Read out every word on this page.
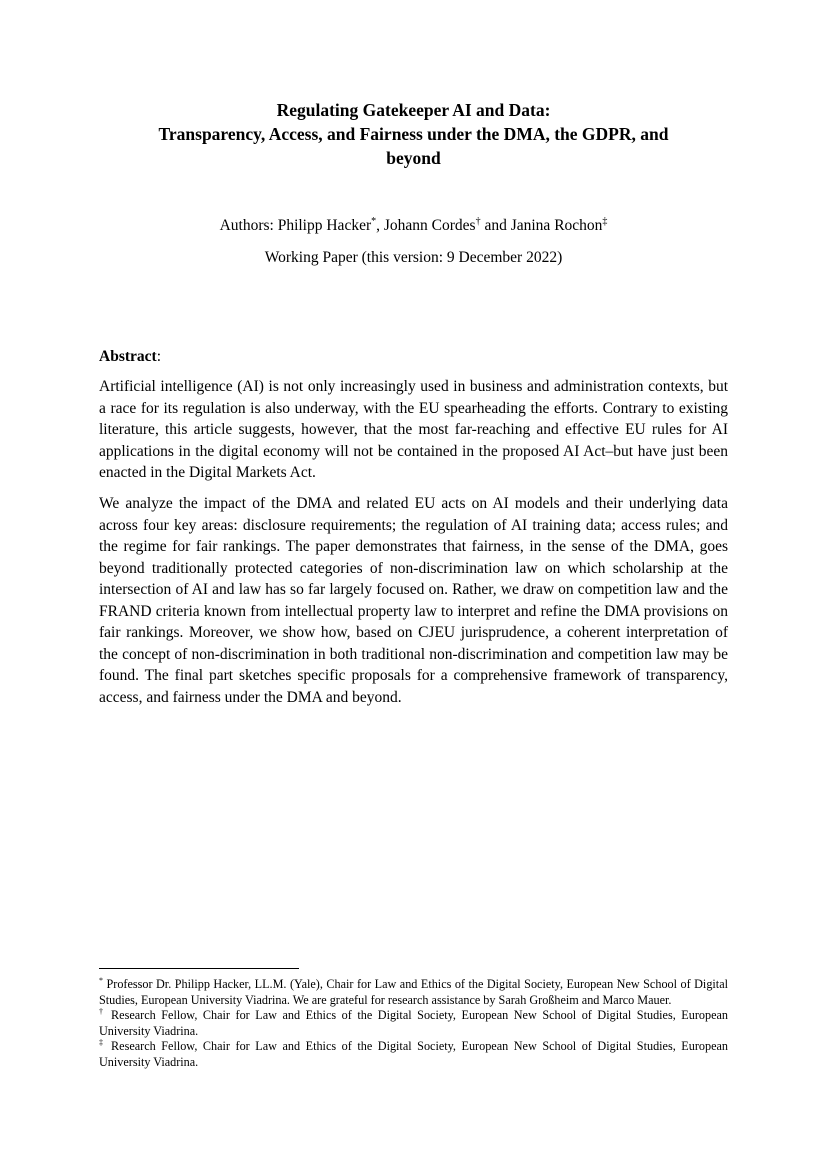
Regulating Gatekeeper AI and Data:
Transparency, Access, and Fairness under the DMA, the GDPR, and
beyond
Authors: Philipp Hacker*, Johann Cordes† and Janina Rochon‡
Working Paper (this version: 9 December 2022)
Abstract:

Artificial intelligence (AI) is not only increasingly used in business and administration contexts, but a race for its regulation is also underway, with the EU spearheading the efforts. Contrary to existing literature, this article suggests, however, that the most far-reaching and effective EU rules for AI applications in the digital economy will not be contained in the proposed AI Act–but have just been enacted in the Digital Markets Act.

We analyze the impact of the DMA and related EU acts on AI models and their underlying data across four key areas: disclosure requirements; the regulation of AI training data; access rules; and the regime for fair rankings. The paper demonstrates that fairness, in the sense of the DMA, goes beyond traditionally protected categories of non-discrimination law on which scholarship at the intersection of AI and law has so far largely focused on. Rather, we draw on competition law and the FRAND criteria known from intellectual property law to interpret and refine the DMA provisions on fair rankings. Moreover, we show how, based on CJEU jurisprudence, a coherent interpretation of the concept of non-discrimination in both traditional non-discrimination and competition law may be found. The final part sketches specific proposals for a comprehensive framework of transparency, access, and fairness under the DMA and beyond.

* Professor Dr. Philipp Hacker, LL.M. (Yale), Chair for Law and Ethics of the Digital Society, European New School of Digital Studies, European University Viadrina. We are grateful for research assistance by Sarah Großheim and Marco Mauer.

† Research Fellow, Chair for Law and Ethics of the Digital Society, European New School of Digital Studies, European University Viadrina.

‡ Research Fellow, Chair for Law and Ethics of the Digital Society, European New School of Digital Studies, European University Viadrina.
